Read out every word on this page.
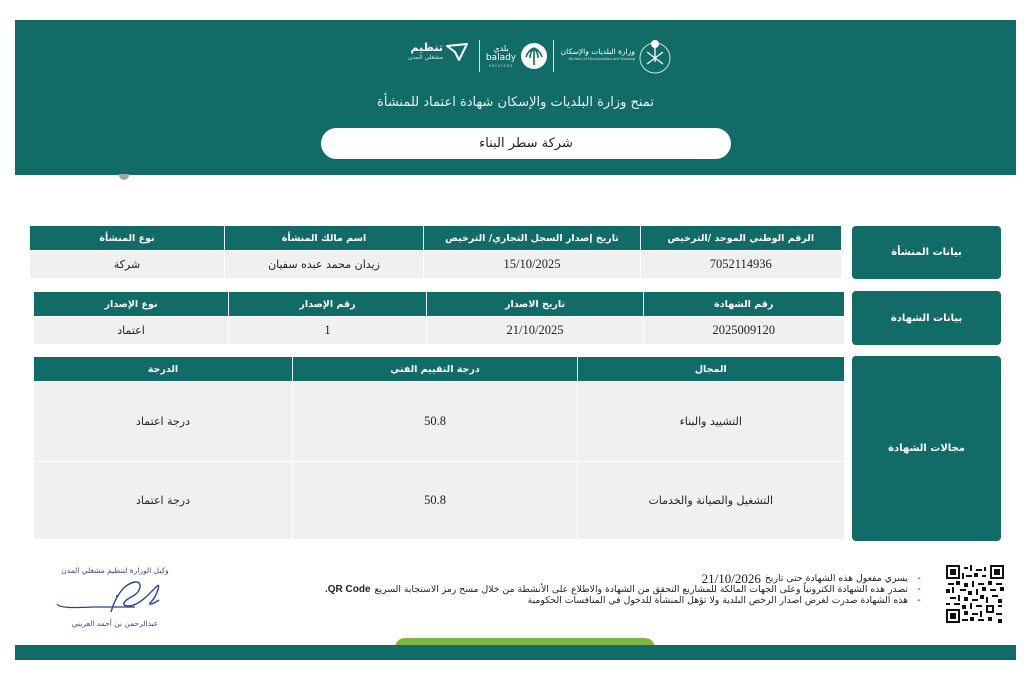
تنظيم
مشغلي المدن
بلدي
balady
services
وزارة البلديات والإسكان
Ministry of Municipalities and Housing
تمنح وزارة البلديات والإسكان شهادة اعتماد للمنشأة
شركة سطر البناء
بيانات المنشأة
بيانات الشهادة
مجالات الشهادة
الرقم الوطني الموحد /الترخيص	تاريخ إصدار السجل التجاري/ الترخيص	اسم مالك المنشأة	نوع المنشأة
7052114936	15/10/2025	زيدان محمد عبده سفيان	شركة
رقم الشهادة	تاريخ الاصدار	رقم الإصدار	نوع الإصدار
2025009120	21/10/2025	1	اعتماد
المجال	درجة التقييم الفني	الدرجة
التشييد والبناء	50.8	درجة اعتماد
التشغيل والصيانة والخدمات	50.8	درجة اعتماد
-
يسري مفعول هذه الشهادة حتى تاريخ
21/10/2026
-
تصدر هذه الشهادة الكترونياً وعلى الجهات المالكة للمشاريع التحقق من الشهادة والاطلاع على الأنشطة من خلال مسح رمز الاستجابة السريع
QR Code.
-
هذه الشهادة صدرت لغرض اصدار الرخص البلدية ولا تؤهل المنشأة للدخول في المنافسات الحكومية
وكيل الوزارة لتنظيم مشغلي المدن
عبدالرحمن بن أحمد العريني
